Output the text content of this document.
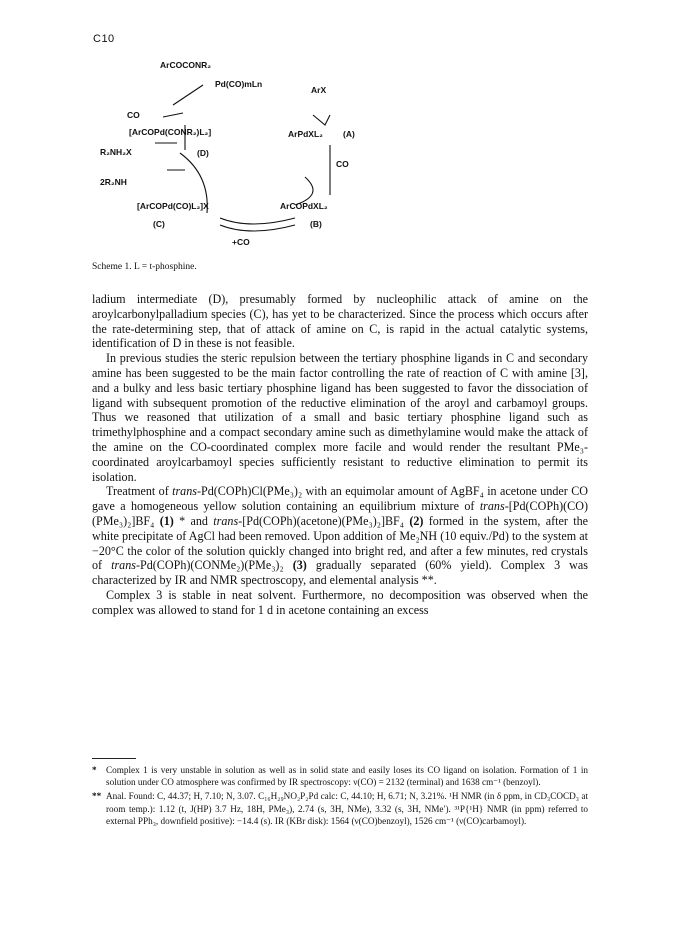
C10
ArCOCONR₂
Pd(CO)mLn
ArX
CO
[ArCOPd(CONR₂)L₂]
R₂NH₂X	(D)
2R₂NH
ArPdXL₂ (A)
CO
[ArCOPd(CO)L₂]X
(C)
ArCOPdXL₂
(B)
+CO
Scheme 1. L = t-phosphine.

ladium intermediate (D), presumably formed by nucleophilic attack of amine on the aroylcarbonylpalladium species (C), has yet to be characterized. Since the process which occurs after the rate-determining step, that of attack of amine on C, is rapid in the actual catalytic systems, identification of D in these is not feasible.

In previous studies the steric repulsion between the tertiary phosphine ligands in C and secondary amine has been suggested to be the main factor controlling the rate of reaction of C with amine [3], and a bulky and less basic tertiary phosphine ligand has been suggested to favor the dissociation of ligand with subsequent promotion of the reductive elimination of the aroyl and carbamoyl groups. Thus we reasoned that utilization of a small and basic tertiary phosphine ligand such as trimethylphosphine and a compact secondary amine such as dimethylamine would make the attack of the amine on the CO-coordinated complex more facile and would render the resultant PMe₃-coordinated aroylcarbamoyl species sufficiently resistant to reductive elimination to permit its isolation.

Treatment of trans-Pd(COPh)Cl(PMe₃)₂ with an equimolar amount of AgBF₄ in acetone under CO gave a homogeneous yellow solution containing an equilibrium mixture of trans-[Pd(COPh)(CO)(PMe₃)₂]BF₄ (1) * and trans-[Pd(COPh)(acetone)(PMe₃)₂]BF₄ (2) formed in the system, after the white precipitate of AgCl had been removed. Upon addition of Me₂NH (10 equiv./Pd) to the system at −20°C the color of the solution quickly changed into bright red, and after a few minutes, red crystals of trans-Pd(COPh)(CONMe₂)(PMe₃)₂ (3) gradually separated (60% yield). Complex 3 was characterized by IR and NMR spectroscopy, and elemental analysis **.

Complex 3 is stable in neat solvent. Furthermore, no decomposition was observed when the complex was allowed to stand for 1 d in acetone containing an excess

* Complex 1 is very unstable in solution as well as in solid state and easily loses its CO ligand on isolation. Formation of 1 in solution under CO atmosphere was confirmed by IR spectroscopy: ν(CO) = 2132 (terminal) and 1638 cm⁻¹ (benzoyl).

** Anal. Found: C, 44.37; H, 7.10; N, 3.07. C₁₆H₂₉NO₂P₂Pd calc: C, 44.10; H, 6.71; N, 3.21%. ¹H NMR (in δ ppm, in CD₃COCD₃ at room temp.): 1.12 (t, J(HP) 3.7 Hz, 18H, PMe₃), 2.74 (s, 3H, NMe), 3.32 (s, 3H, NMe′). ³¹P{¹H} NMR (in ppm) referred to external PPh₃, downfield positive): −14.4 (s). IR (KBr disk): 1564 (ν(CO)benzoyl), 1526 cm⁻¹ (ν(CO)carbamoyl).
